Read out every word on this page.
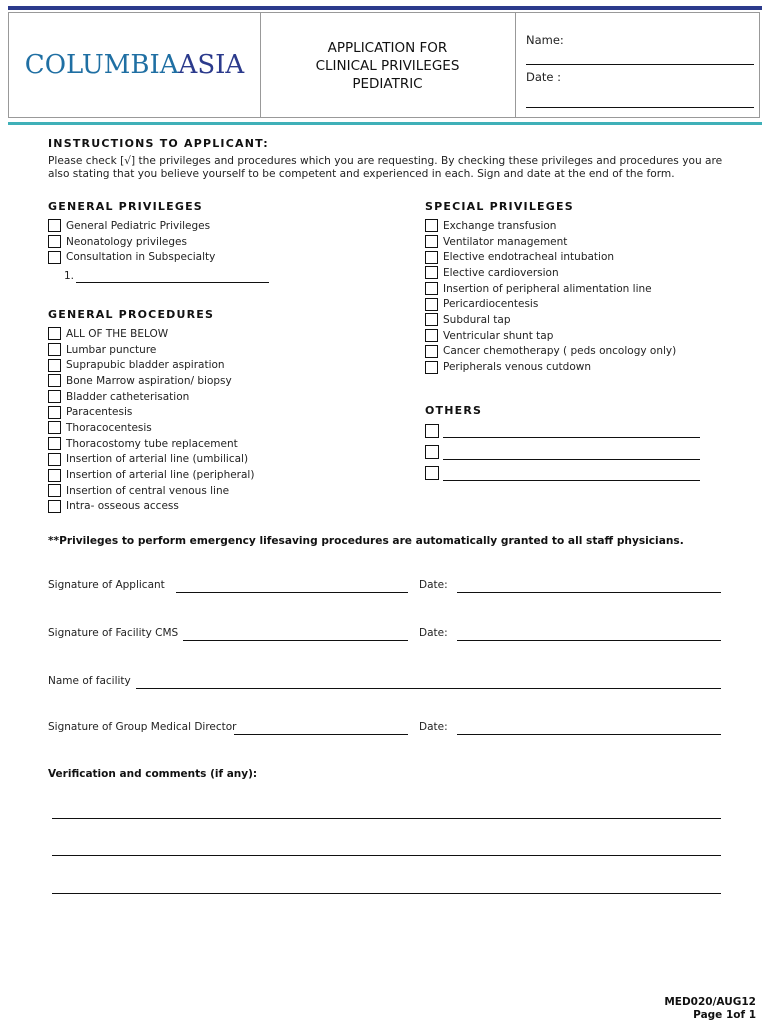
COLUMBIAASIA
APPLICATION FOR
CLINICAL PRIVILEGES
PEDIATRIC
Name:
Date :
INSTRUCTIONS TO APPLICANT:
Please check [√] the privileges and procedures which you are requesting. By checking these privileges and procedures you are also stating that you believe yourself to be competent and experienced in each. Sign and date at the end of the form.
GENERAL PRIVILEGES
General Pediatric Privileges
Neonatology privileges
Consultation in Subspecialty
1.
GENERAL PROCEDURES
ALL OF THE BELOW
Lumbar puncture
Suprapubic bladder aspiration
Bone Marrow aspiration/ biopsy
Bladder catheterisation
Paracentesis
Thoracocentesis
Thoracostomy tube replacement
Insertion of arterial line (umbilical)
Insertion of arterial line (peripheral)
Insertion of central venous line
Intra- osseous access
SPECIAL PRIVILEGES
Exchange transfusion
Ventilator management
Elective endotracheal intubation
Elective cardioversion
Insertion of peripheral alimentation line
Pericardiocentesis
Subdural tap
Ventricular shunt tap
Cancer chemotherapy ( peds oncology only)
Peripherals venous cutdown
OTHERS
**Privileges to perform emergency lifesaving procedures are automatically granted to all staff physicians.
Signature of Applicant	Date:
Signature of Facility CMS	Date:
Name of facility
Signature of Group Medical Director	Date:
Verification and comments (if any):
MED020/AUG12
Page 1of 1
